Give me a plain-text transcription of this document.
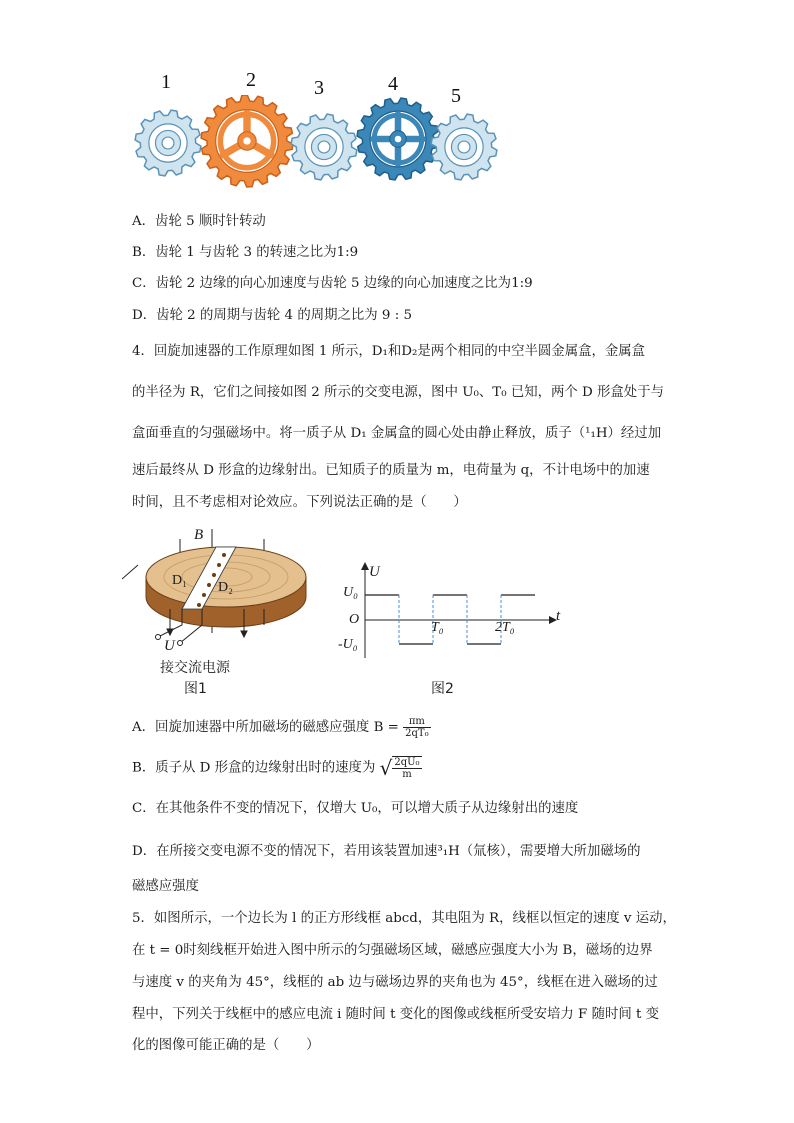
1	2	3	4
5
A．齿轮 5 顺时针转动
B．齿轮 1 与齿轮 3 的转速之比为1:9
C．齿轮 2 边缘的向心加速度与齿轮 5 边缘的向心加速度之比为1:9
D．齿轮 2 的周期与齿轮 4 的周期之比为 9 : 5
4．回旋加速器的工作原理如图 1 所示，D₁和D₂是两个相同的中空半圆金属盒，金属盒
的半径为 R，它们之间接如图 2 所示的交变电源，图中 U₀、T₀ 已知，两个 D 形盒处于与
盒面垂直的匀强磁场中。将一质子从 D₁ 金属盒的圆心处由静止释放，质子（¹₁H）经过加
速后最终从 D 形盒的边缘射出。已知质子的质量为 m，电荷量为 q，不计电场中的加速
时间，且不考虑相对论效应。下列说法正确的是（　　）
B
D₁ D₂
U
接交流电源
图1
U
U₀
O
-U₀
t
T₀	2T₀
图2
A．回旋加速器中所加磁场的磁感应强度 $B = \frac{\pi m}{\text{2qT₀}}$
B．质子从 D 形盒的边缘射出时的速度为 √ $\frac{\text{2qU₀}}{m}$
C．在其他条件不变的情况下，仅增大 U₀，可以增大质子从边缘射出的速度
D．在所接交变电源不变的情况下，若用该装置加速³₁H（氚核），需要增大所加磁场的
磁感应强度
5．如图所示，一个边长为 l 的正方形线框 abcd，其电阻为 R，线框以恒定的速度 v 运动，
在 t = 0时刻线框开始进入图中所示的匀强磁场区域，磁感应强度大小为 B，磁场的边界
与速度 v 的夹角为 45°，线框的 ab 边与磁场边界的夹角也为 45°，线框在进入磁场的过
程中，下列关于线框中的感应电流 i 随时间 t 变化的图像或线框所受安培力 F 随时间 t 变
化的图像可能正确的是（　　）
